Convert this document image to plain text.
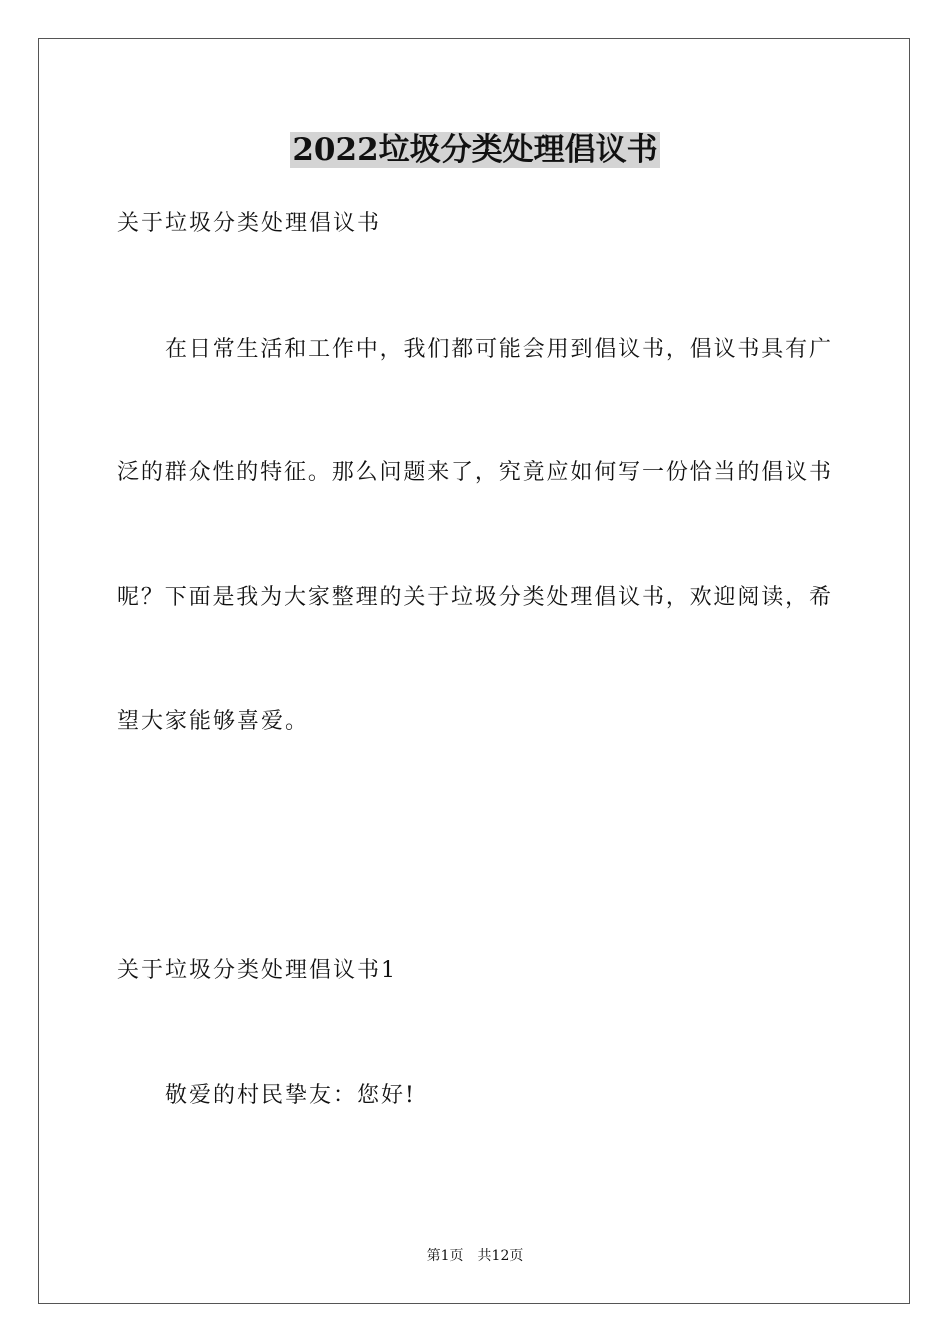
2022垃圾分类处理倡议书
关于垃圾分类处理倡议书
在日常生活和工作中，我们都可能会用到倡议书，倡议书具有广
泛的群众性的特征。那么问题来了，究竟应如何写一份恰当的倡议书
呢？下面是我为大家整理的关于垃圾分类处理倡议书，欢迎阅读，希
望大家能够喜爱。
关于垃圾分类处理倡议书1
敬爱的村民挚友：您好!
第1页 共12页
